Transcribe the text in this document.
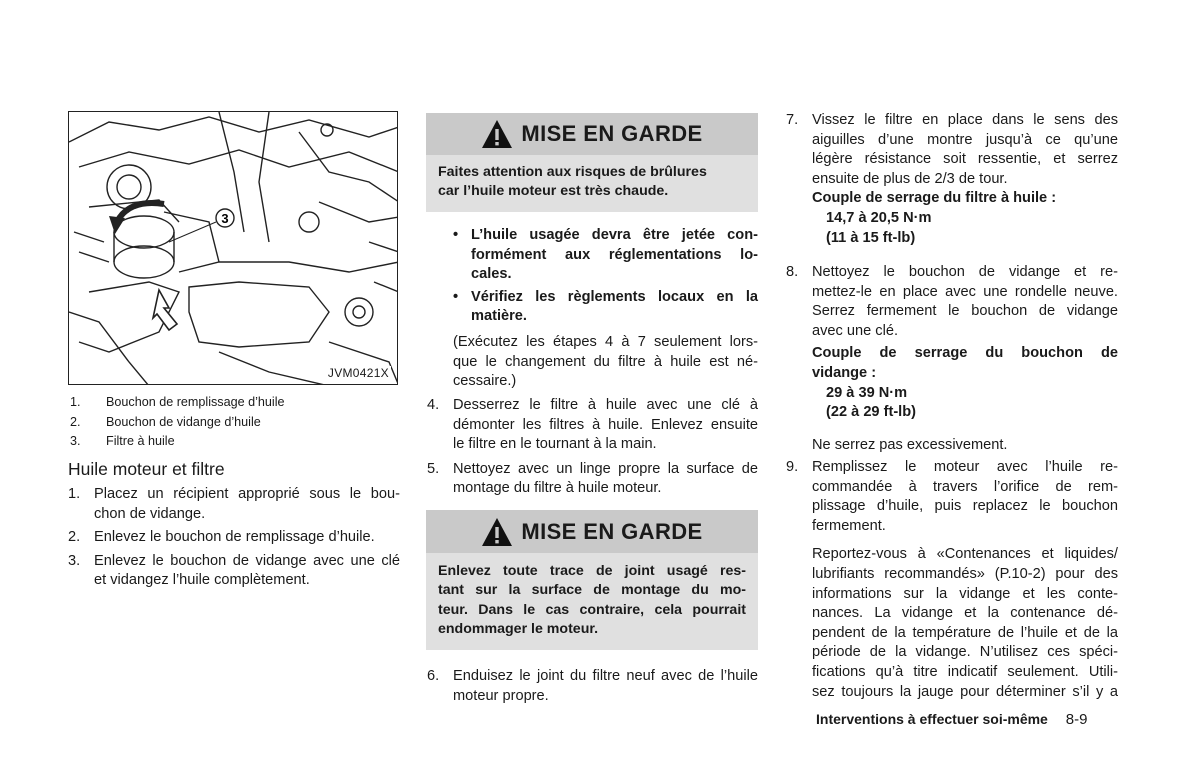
3
JVM0421X
1. Bouchon de remplissage d’huile
2. Bouchon de vidange d’huile
3. Filtre à huile
Huile moteur et filtre
1. Placez un récipient approprié sous le bou-
chon de vidange.
2. Enlevez le bouchon de remplissage d’huile.
3. Enlevez le bouchon de vidange avec une clé
et vidangez l’huile complètement.
MISE EN GARDE
Faites attention aux risques de brûlures
car l’huile moteur est très chaude.
• L’huile usagée devra être jetée con-
formément aux réglementations lo-
cales.
• Vérifiez les règlements locaux en la
matière.
(Exécutez les étapes 4 à 7 seulement lors-
que le changement du filtre à huile est né-
cessaire.)
4. Desserrez le filtre à huile avec une clé à
démonter les filtres à huile. Enlevez ensuite
le filtre en le tournant à la main.
5. Nettoyez avec un linge propre la surface de
montage du filtre à huile moteur.
MISE EN GARDE
Enlevez toute trace de joint usagé res-
tant sur la surface de montage du mo-
teur. Dans le cas contraire, cela pourrait
endommager le moteur.
6. Enduisez le joint du filtre neuf avec de l’huile
moteur propre.
7. Vissez le filtre en place dans le sens des
aiguilles d’une montre jusqu’à ce qu’une
légère résistance soit ressentie, et serrez
ensuite de plus de 2/3 de tour.
Couple de serrage du filtre à huile :
14,7 à 20,5 N·m
(11 à 15 ft-lb)
8. Nettoyez le bouchon de vidange et re-
mettez-le en place avec une rondelle neuve.
Serrez fermement le bouchon de vidange
avec une clé.
Couple de serrage du bouchon de
vidange :
29 à 39 N·m
(22 à 29 ft-lb)
Ne serrez pas excessivement.
9. Remplissez le moteur avec l’huile re-
commandée à travers l’orifice de rem-
plissage d’huile, puis replacez le bouchon
fermement.
Reportez-vous à «Contenances et liquides/
lubrifiants recommandés» (P.10-2) pour des
informations sur la vidange et les conte-
nances. La vidange et la contenance dé-
pendent de la température de l’huile et de la
période de la vidange. N’utilisez ces spéci-
fications qu’à titre indicatif seulement. Utili-
sez toujours la jauge pour déterminer s’il y a
Interventions à effectuer soi-même 8-9
